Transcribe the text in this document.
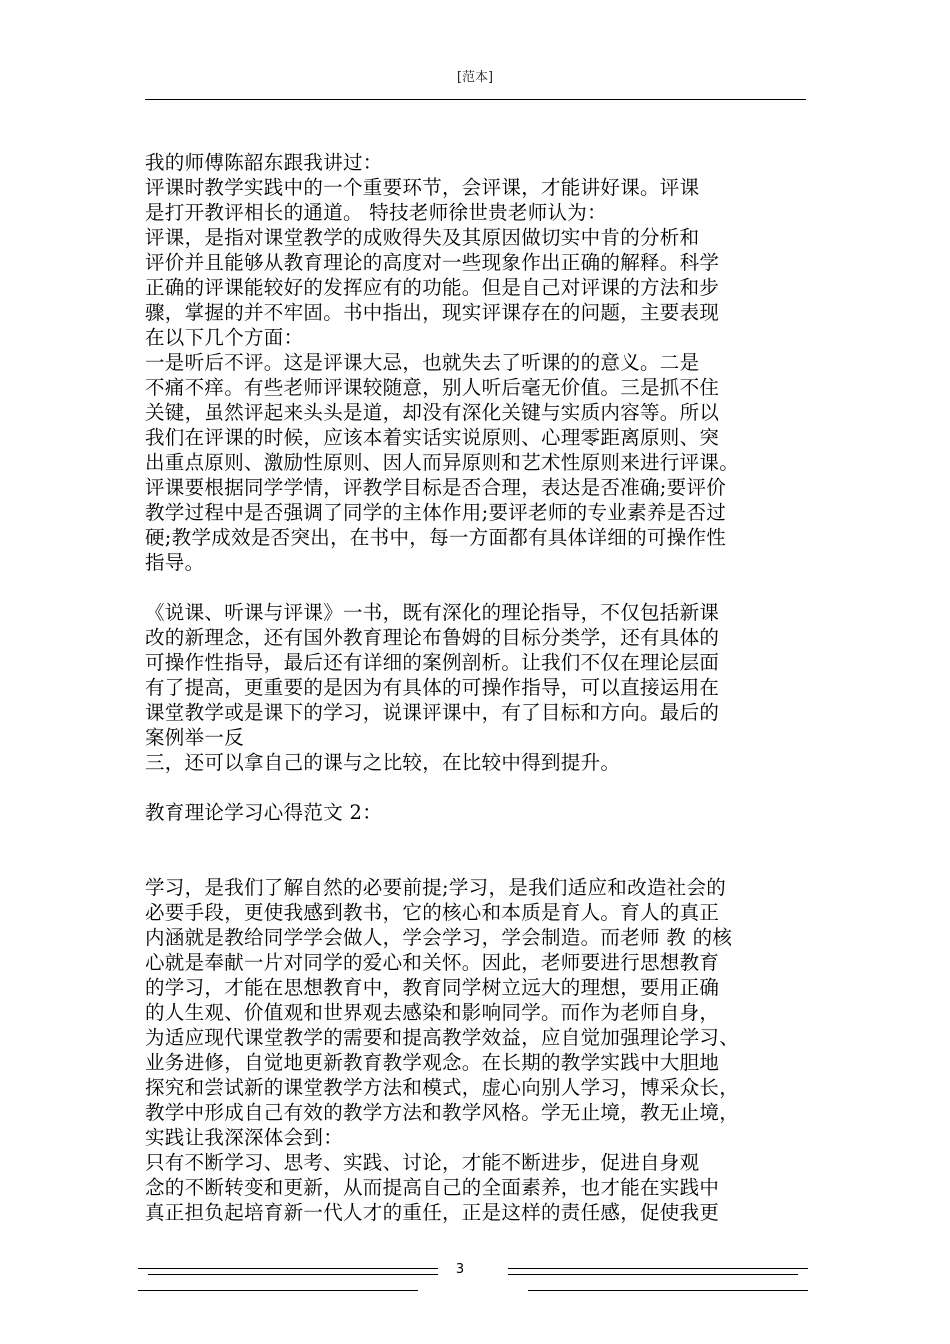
[范本]
我的师傅陈韶东跟我讲过：
评课时教学实践中的一个重要环节，会评课，才能讲好课。评课
是打开教评相长的通道。 特技老师徐世贵老师认为：
评课，是指对课堂教学的成败得失及其原因做切实中肯的分析和
评价并且能够从教育理论的高度对一些现象作出正确的解释。科学
正确的评课能较好的发挥应有的功能。但是自己对评课的方法和步
骤，掌握的并不牢固。书中指出，现实评课存在的问题，主要表现
在以下几个方面：
一是听后不评。这是评课大忌，也就失去了听课的的意义。二是
不痛不痒。有些老师评课较随意，别人听后毫无价值。三是抓不住
关键，虽然评起来头头是道，却没有深化关键与实质内容等。所以
我们在评课的时候，应该本着实话实说原则、心理零距离原则、突
出重点原则、激励性原则、因人而异原则和艺术性原则来进行评课。
评课要根据同学学情，评教学目标是否合理，表达是否准确;要评价
教学过程中是否强调了同学的主体作用;要评老师的专业素养是否过
硬;教学成效是否突出，在书中，每一方面都有具体详细的可操作性
指导。
《说课、听课与评课》一书，既有深化的理论指导，不仅包括新课
改的新理念，还有国外教育理论布鲁姆的目标分类学，还有具体的
可操作性指导，最后还有详细的案例剖析。让我们不仅在理论层面
有了提高，更重要的是因为有具体的可操作指导，可以直接运用在
课堂教学或是课下的学习，说课评课中，有了目标和方向。最后的
案例举一反
三，还可以拿自己的课与之比较，在比较中得到提升。
教育理论学习心得范文 2：
学习，是我们了解自然的必要前提;学习，是我们适应和改造社会的
必要手段，更使我感到教书，它的核心和本质是育人。育人的真正
内涵就是教给同学学会做人，学会学习，学会制造。而老师 教 的核
心就是奉献一片对同学的爱心和关怀。因此，老师要进行思想教育
的学习，才能在思想教育中，教育同学树立远大的理想，要用正确
的人生观、价值观和世界观去感染和影响同学。而作为老师自身，
为适应现代课堂教学的需要和提高教学效益，应自觉加强理论学习、
业务进修，自觉地更新教育教学观念。在长期的教学实践中大胆地
探究和尝试新的课堂教学方法和模式，虚心向别人学习，博采众长，
教学中形成自己有效的教学方法和教学风格。学无止境，教无止境，
实践让我深深体会到：
只有不断学习、思考、实践、讨论，才能不断进步，促进自身观
念的不断转变和更新，从而提高自己的全面素养，也才能在实践中
真正担负起培育新一代人才的重任，正是这样的责任感，促使我更
3
